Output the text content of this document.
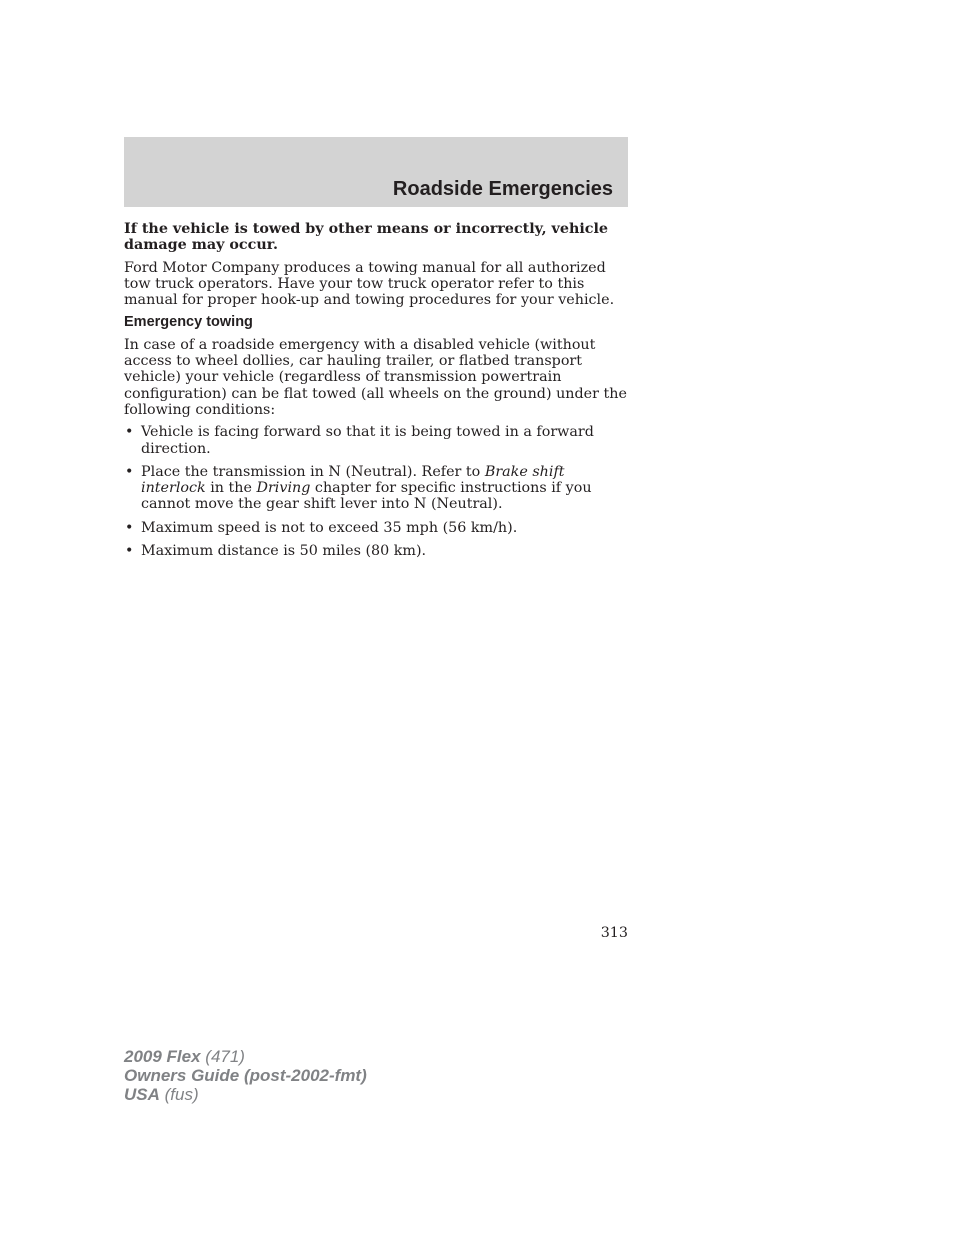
Roadside Emergencies

If the vehicle is towed by other means or incorrectly, vehicle damage may occur.

Ford Motor Company produces a towing manual for all authorized tow truck operators. Have your tow truck operator refer to this manual for proper hook-up and towing procedures for your vehicle.

Emergency towing

In case of a roadside emergency with a disabled vehicle (without access to wheel dollies, car hauling trailer, or flatbed transport vehicle) your vehicle (regardless of transmission powertrain configuration) can be flat towed (all wheels on the ground) under the following conditions:

• Vehicle is facing forward so that it is being towed in a forward direction.
• Place the transmission in N (Neutral). Refer to Brake shift interlock in the Driving chapter for specific instructions if you cannot move the gear shift lever into N (Neutral).
• Maximum speed is not to exceed 35 mph (56 km/h).
• Maximum distance is 50 miles (80 km).
313
2009 Flex (471)
Owners Guide (post-2002-fmt)
USA (fus)
